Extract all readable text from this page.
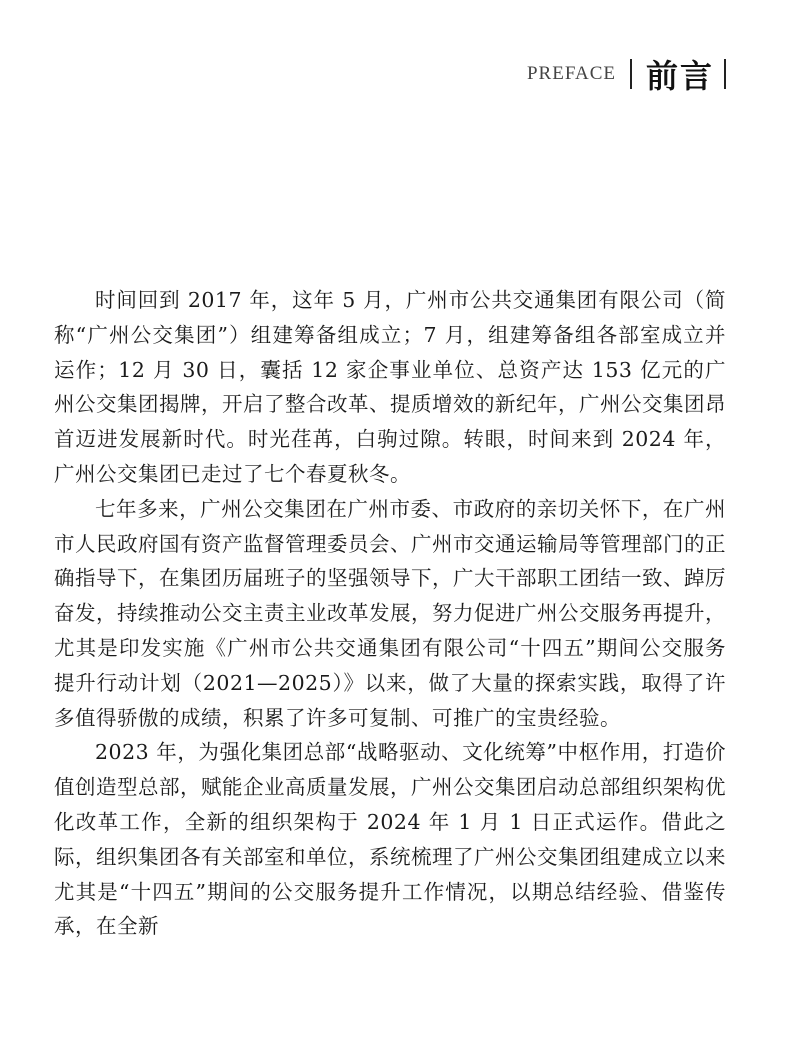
PREFACE 前言

时间回到 2017 年，这年 5 月，广州市公共交通集团有限公司（简称“广州公交集团”）组建筹备组成立；7 月，组建筹备组各部室成立并运作；12 月 30 日，囊括 12 家企事业单位、总资产达 153 亿元的广州公交集团揭牌，开启了整合改革、提质增效的新纪年，广州公交集团昂首迈进发展新时代。时光荏苒，白驹过隙。转眼，时间来到 2024 年，广州公交集团已走过了七个春夏秋冬。

七年多来，广州公交集团在广州市委、市政府的亲切关怀下，在广州市人民政府国有资产监督管理委员会、广州市交通运输局等管理部门的正确指导下，在集团历届班子的坚强领导下，广大干部职工团结一致、踔厉奋发，持续推动公交主责主业改革发展，努力促进广州公交服务再提升，尤其是印发实施《广州市公共交通集团有限公司“十四五”期间公交服务提升行动计划（2021—2025）》以来，做了大量的探索实践，取得了许多值得骄傲的成绩，积累了许多可复制、可推广的宝贵经验。

2023 年，为强化集团总部“战略驱动、文化统筹”中枢作用，打造价值创造型总部，赋能企业高质量发展，广州公交集团启动总部组织架构优化改革工作，全新的组织架构于 2024 年 1 月 1 日正式运作。借此之际，组织集团各有关部室和单位，系统梳理了广州公交集团组建成立以来尤其是“十四五”期间的公交服务提升工作情况，以期总结经验、借鉴传承，在全新
